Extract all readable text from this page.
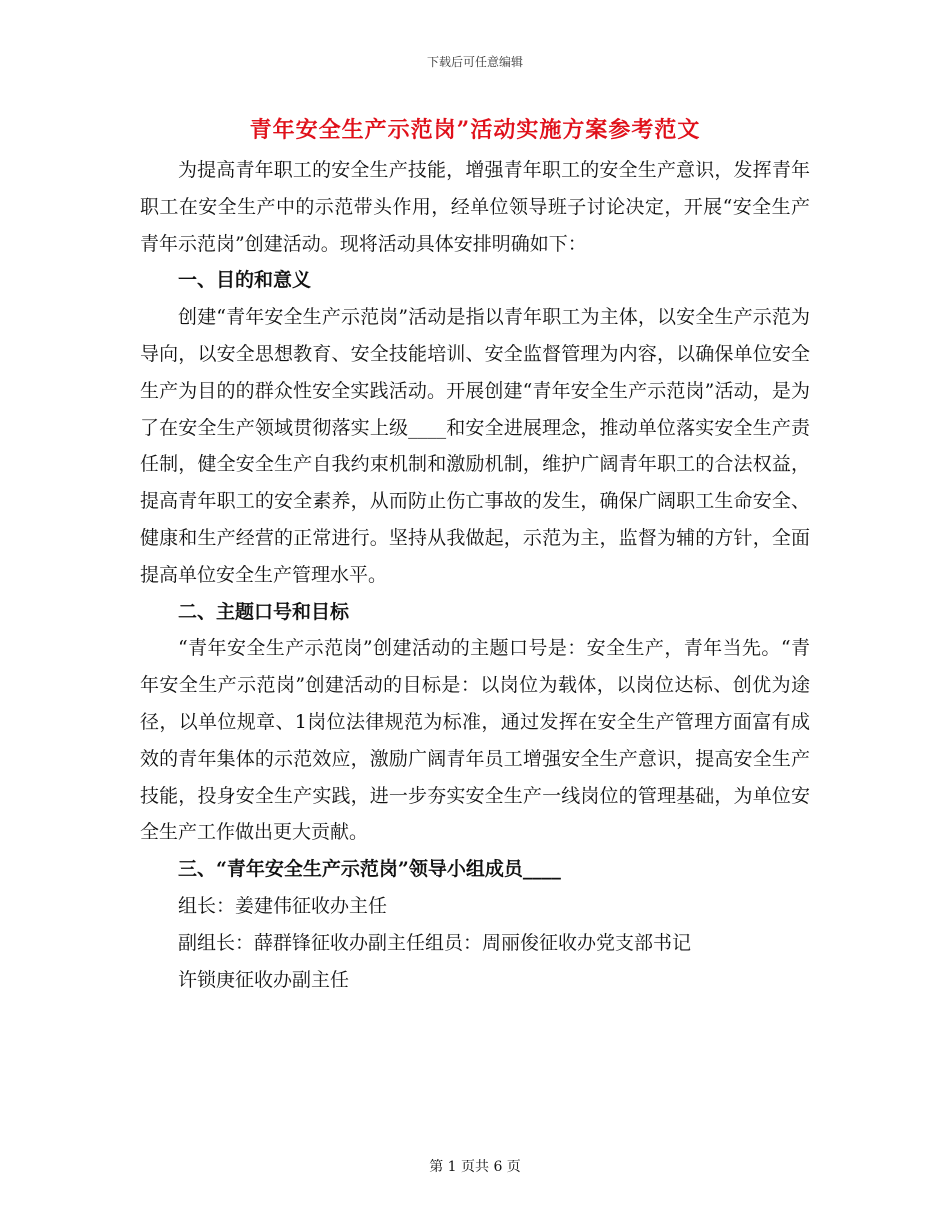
下载后可任意编辑
青年安全生产示范岗”活动实施方案参考范文

为提高青年职工的安全生产技能，增强青年职工的安全生产意识，发挥青年职工在安全生产中的示范带头作用，经单位领导班子讨论决定，开展“安全生产青年示范岗”创建活动。现将活动具体安排明确如下：

一、目的和意义

创建“青年安全生产示范岗”活动是指以青年职工为主体，以安全生产示范为导向，以安全思想教育、安全技能培训、安全监督管理为内容，以确保单位安全生产为目的的群众性安全实践活动。开展创建“青年安全生产示范岗”活动，是为了在安全生产领域贯彻落实上级____和安全进展理念，推动单位落实安全生产责任制，健全安全生产自我约束机制和激励机制，维护广阔青年职工的合法权益，提高青年职工的安全素养，从而防止伤亡事故的发生，确保广阔职工生命安全、健康和生产经营的正常进行。坚持从我做起，示范为主，监督为辅的方针，全面提高单位安全生产管理水平。

二、主题口号和目标

“青年安全生产示范岗”创建活动的主题口号是：安全生产，青年当先。“青年安全生产示范岗”创建活动的目标是：以岗位为载体，以岗位达标、创优为途径，以单位规章、1岗位法律规范为标准，通过发挥在安全生产管理方面富有成效的青年集体的示范效应，激励广阔青年员工增强安全生产意识，提高安全生产技能，投身安全生产实践，进一步夯实安全生产一线岗位的管理基础，为单位安全生产工作做出更大贡献。

三、“青年安全生产示范岗”领导小组成员____

组长：姜建伟征收办主任

副组长：薛群锋征收办副主任组员：周丽俊征收办党支部书记

许锁庚征收办副主任

第 1 页共 6 页
